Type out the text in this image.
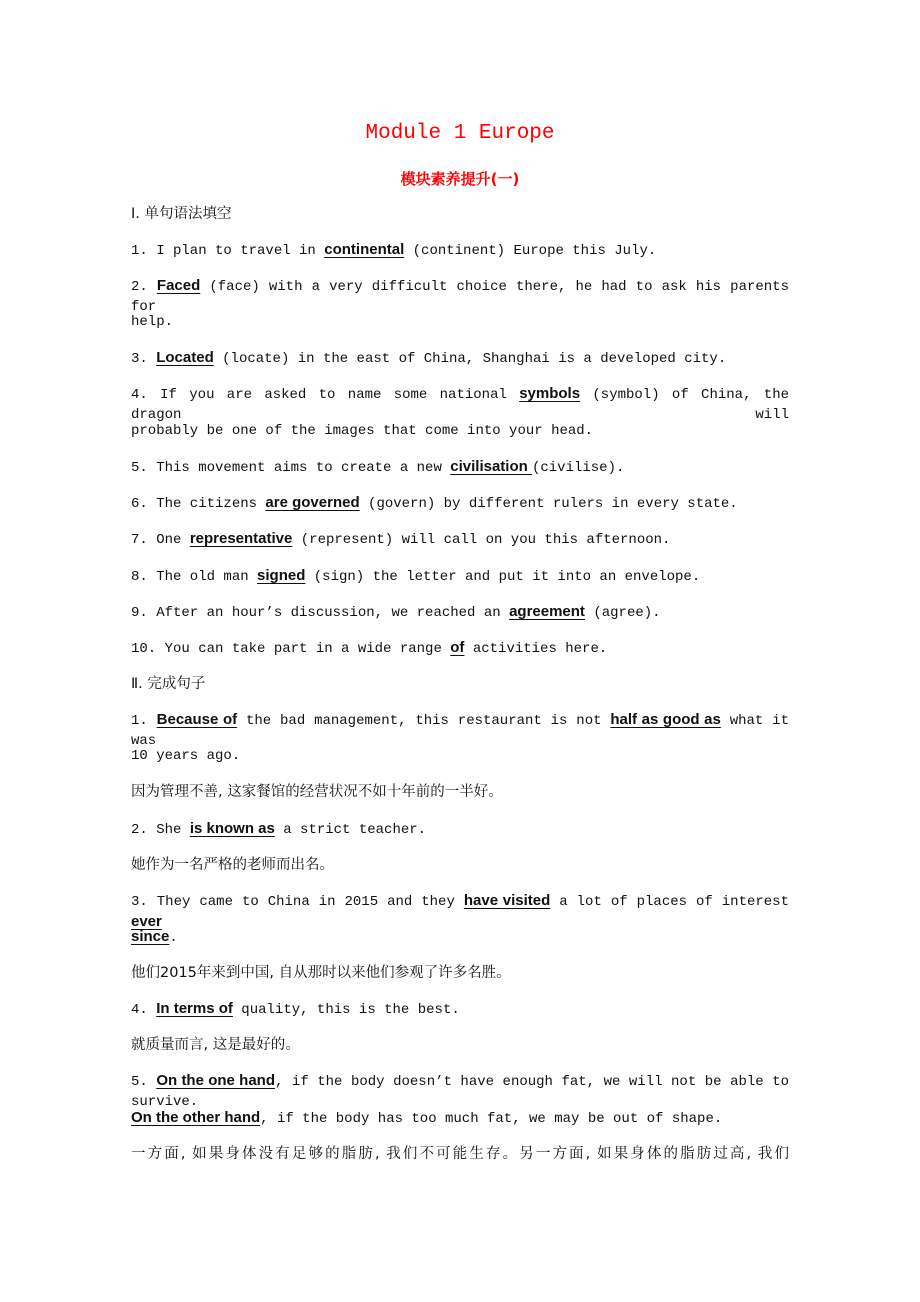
Module 1 Europe
模块素养提升(一)
Ⅰ. 单句语法填空
1. I plan to travel in continental (continent) Europe this July.
2. Faced (face) with a very difficult choice there, he had to ask his parents for
help.
3. Located (locate) in the east of China, Shanghai is a developed city.
4. If you are asked to name some national symbols (symbol) of China, the dragon will
probably be one of the images that come into your head.
5. This movement aims to create a new civilisation (civilise).
6. The citizens are governed (govern) by different rulers in every state.
7. One representative (represent) will call on you this afternoon.
8. The old man signed (sign) the letter and put it into an envelope.
9. After an hour’s discussion, we reached an agreement (agree).
10. You can take part in a wide range of activities here.
Ⅱ. 完成句子
1. Because of the bad management, this restaurant is not half as good as what it was
10 years ago.
因为管理不善, 这家餐馆的经营状况不如十年前的一半好。
2. She is known as a strict teacher.
她作为一名严格的老师而出名。
3. They came to China in 2015 and they have visited a lot of places of interest ever
since.
他们2015年来到中国, 自从那时以来他们参观了许多名胜。
4. In terms of quality, this is the best.
就质量而言, 这是最好的。
5. On the one hand, if the body doesn’t have enough fat, we will not be able to survive.
On the other hand, if the body has too much fat, we may be out of shape.
一方面, 如果身体没有足够的脂肪, 我们不可能生存。另一方面, 如果身体的脂肪过高, 我们
